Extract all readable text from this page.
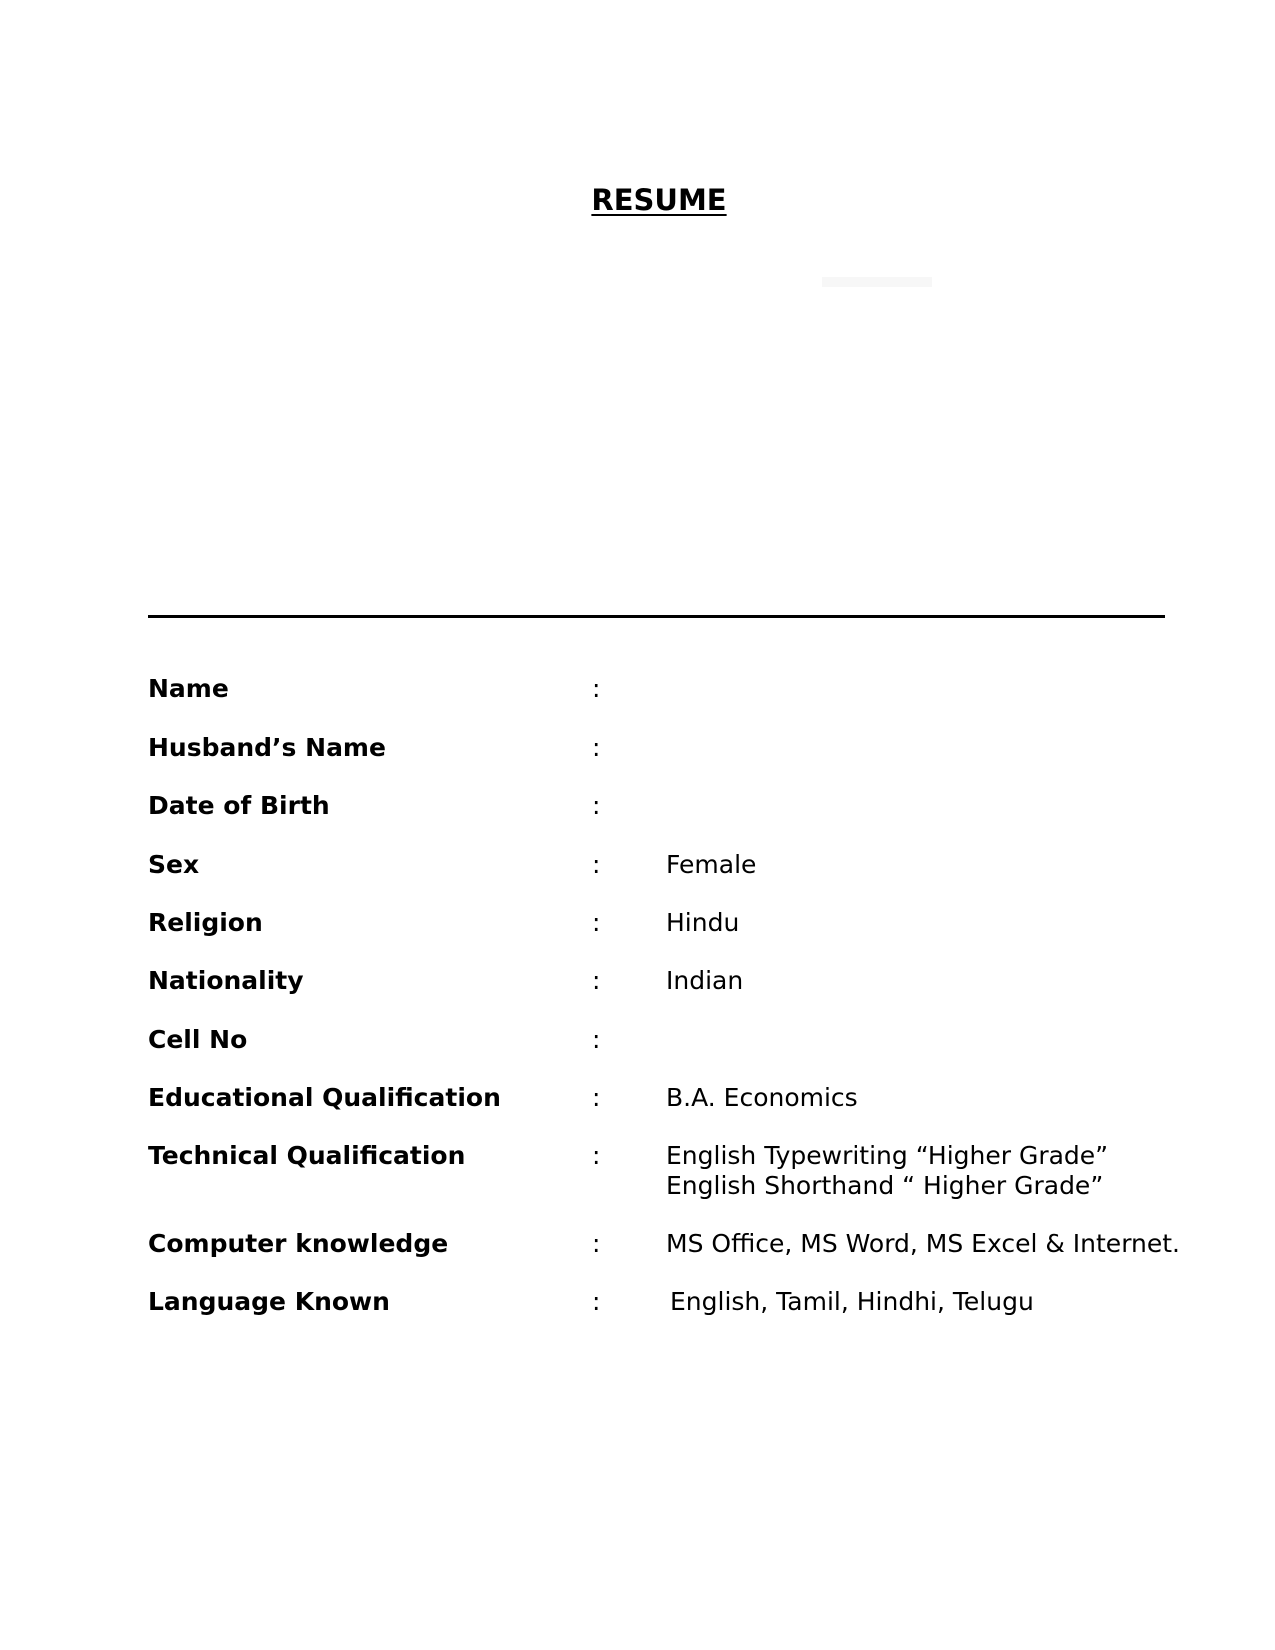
RESUME
Name	:
Husband’s Name	:
Date of Birth	:
Sex	:	Female
Religion	:	Hindu
Nationality	:	Indian
Cell No	:
Educational Qualification	:	B.A. Economics
Technical Qualification	:	English Typewriting “Higher Grade”
English Shorthand “ Higher Grade”
Computer knowledge	:	MS Office, MS Word, MS Excel & Internet.
Language Known	:	English, Tamil, Hindhi, Telugu
